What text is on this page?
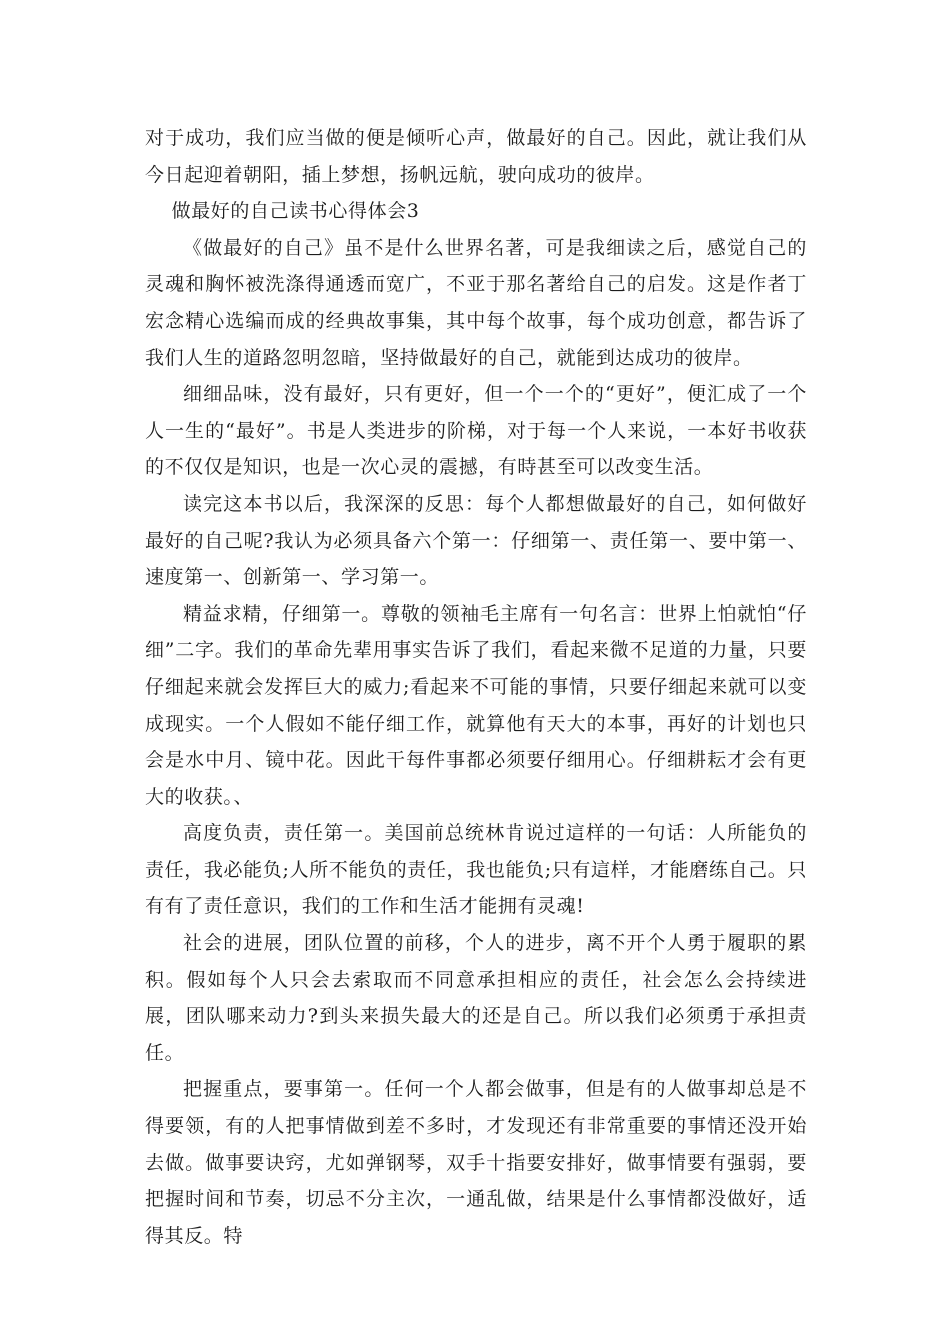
对于成功，我们应当做的便是倾听心声，做最好的自己。因此，就让我们从今日起迎着朝阳，插上梦想，扬帆远航，驶向成功的彼岸。

做最好的自己读书心得体会3

《做最好的自己》虽不是什么世界名著，可是我细读之后，感觉自己的灵魂和胸怀被洗涤得通透而宽广，不亚于那名著给自己的启发。这是作者丁宏念精心选编而成的经典故事集，其中每个故事，每个成功创意，都告诉了我们人生的道路忽明忽暗，坚持做最好的自己，就能到达成功的彼岸。

细细品味，没有最好，只有更好，但一个一个的“更好”，便汇成了一个人一生的“最好”。书是人类进步的阶梯，对于每一个人来说，一本好书收获的不仅仅是知识，也是一次心灵的震撼，有時甚至可以改变生活。

读完这本书以后，我深深的反思：每个人都想做最好的自己，如何做好最好的自己呢?我认为必须具备六个第一：仔细第一、责任第一、要中第一、速度第一、创新第一、学习第一。

精益求精，仔细第一。尊敬的领袖毛主席有一句名言：世界上怕就怕“仔细”二字。我们的革命先辈用事实告诉了我们，看起来微不足道的力量，只要仔细起来就会发挥巨大的威力;看起来不可能的事情，只要仔细起来就可以变成现实。一个人假如不能仔细工作，就算他有天大的本事，再好的计划也只会是水中月、镜中花。因此干每件事都必须要仔细用心。仔细耕耘才会有更大的收获。、

高度负责，责任第一。美国前总统林肯说过這样的一句话：人所能负的责任，我必能负;人所不能负的责任，我也能负;只有這样，才能磨练自己。只有有了责任意识，我们的工作和生活才能拥有灵魂!

社会的进展，团队位置的前移，个人的进步，离不开个人勇于履职的累积。假如每个人只会去索取而不同意承担相应的责任，社会怎么会持续进展，团队哪来动力?到头来损失最大的还是自己。所以我们必须勇于承担责任。

把握重点，要事第一。任何一个人都会做事，但是有的人做事却总是不得要领，有的人把事情做到差不多时，才发现还有非常重要的事情还没开始去做。做事要诀窍，尤如弹钢琴，双手十指要安排好，做事情要有强弱，要把握时间和节奏，切忌不分主次，一通乱做，结果是什么事情都没做好，适得其反。特
